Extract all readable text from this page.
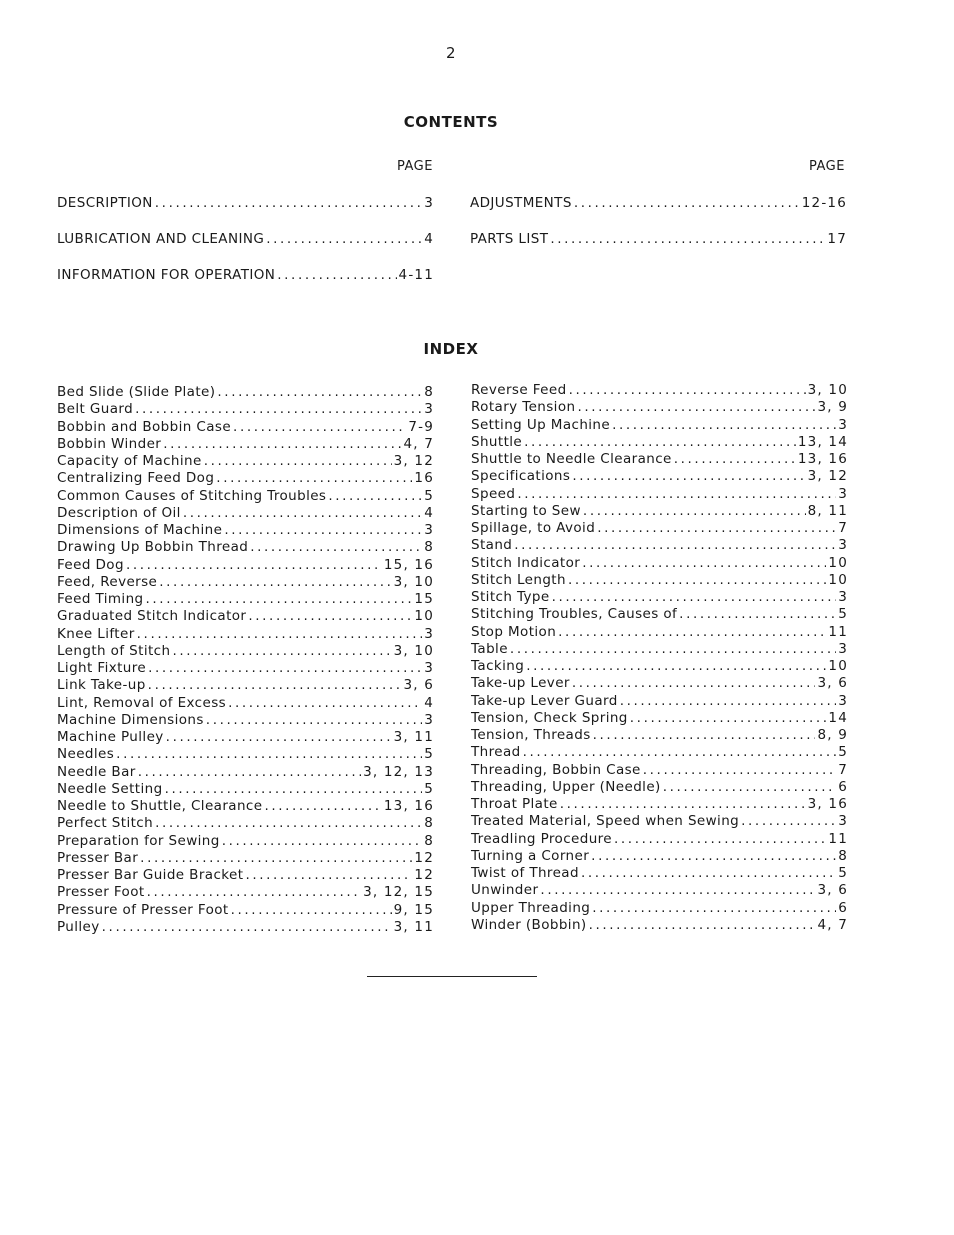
2
CONTENTS
PAGE	PAGE
DESCRIPTION .....	3
LUBRICATION AND CLEANING .....	4
INFORMATION FOR OPERATION .....	4-11
ADJUSTMENTS .....	12-16
PARTS LIST .....	17
INDEX
Bed Slide (Slide Plate) .....	8
Belt Guard .....	3
Bobbin and Bobbin Case .....	7-9
Bobbin Winder .....	4, 7
Capacity of Machine .....	3, 12
Centralizing Feed Dog .....	16
Common Causes of Stitching Troubles .....	5
Description of Oil .....	4
Dimensions of Machine .....	3
Drawing Up Bobbin Thread .....	8
Feed Dog .....	15, 16
Feed, Reverse .....	3, 10
Feed Timing .....	15
Graduated Stitch Indicator .....	10
Knee Lifter .....	3
Length of Stitch .....	3, 10
Light Fixture .....	3
Link Take-up .....	3, 6
Lint, Removal of Excess .....	4
Machine Dimensions .....	3
Machine Pulley .....	3, 11
Needles .....	5
Needle Bar .....	3, 12, 13
Needle Setting .....	5
Needle to Shuttle, Clearance .....	13, 16
Perfect Stitch .....	8
Preparation for Sewing .....	8
Presser Bar .....	12
Presser Bar Guide Bracket .....	12
Presser Foot .....	3, 12, 15
Pressure of Presser Foot .....	9, 15
Pulley .....	3, 11
Reverse Feed .....	3, 10
Rotary Tension .....	3, 9
Setting Up Machine .....	3
Shuttle .....	13, 14
Shuttle to Needle Clearance .....	13, 16
Specifications .....	3, 12
Speed .....	3
Starting to Sew .....	8, 11
Spillage, to Avoid .....	7
Stand .....	3
Stitch Indicator .....	10
Stitch Length .....	10
Stitch Type .....	3
Stitching Troubles, Causes of .....	5
Stop Motion .....	11
Table .....	3
Tacking .....	10
Take-up Lever .....	3, 6
Take-up Lever Guard .....	3
Tension, Check Spring .....	14
Tension, Threads .....	8, 9
Thread .....	5
Threading, Bobbin Case .....	7
Threading, Upper (Needle) .....	6
Throat Plate .....	3, 16
Treated Material, Speed when Sewing .....	3
Treadling Procedure .....	11
Turning a Corner .....	8
Twist of Thread .....	5
Unwinder .....	3, 6
Upper Threading .....	6
Winder (Bobbin) .....	4, 7
